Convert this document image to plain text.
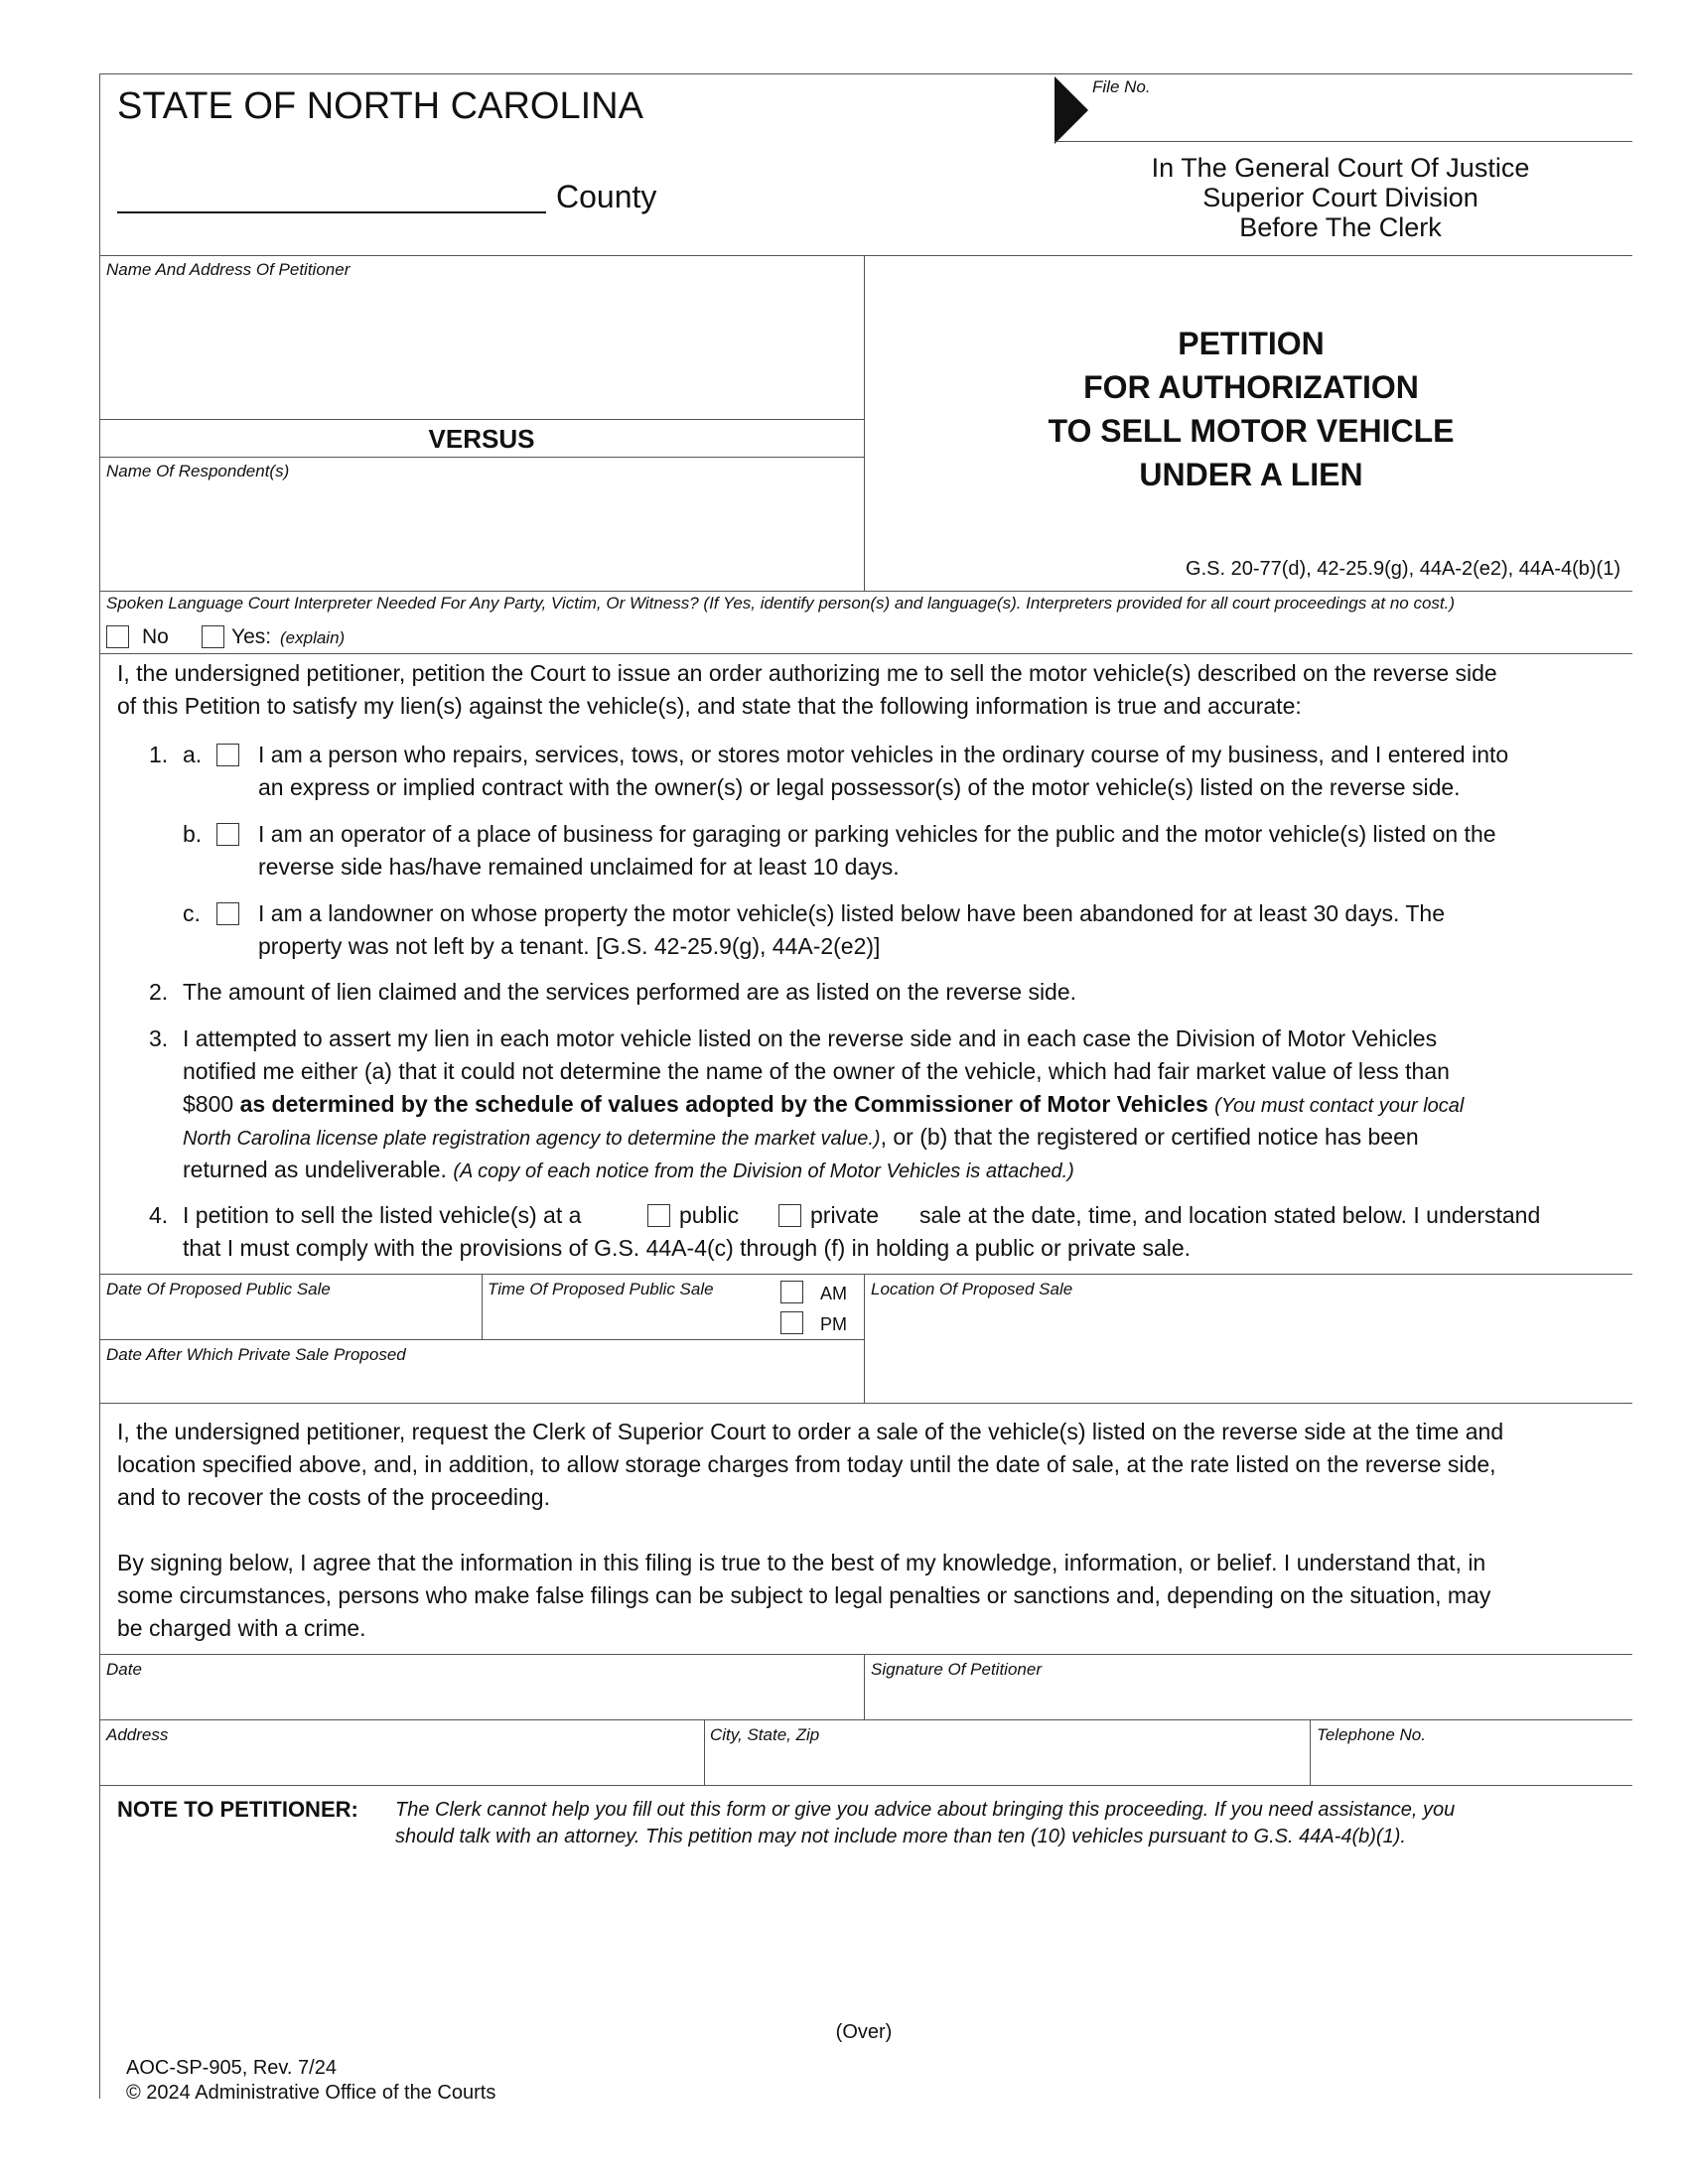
STATE OF NORTH CAROLINA
County
File No.
In The General Court Of Justice
Superior Court Division
Before The Clerk
Name And Address Of Petitioner
VERSUS
Name Of Respondent(s)
PETITION
FOR AUTHORIZATION
TO SELL MOTOR VEHICLE
UNDER A LIEN
G.S. 20-77(d), 42-25.9(g), 44A-2(e2), 44A-4(b)(1)
Spoken Language Court Interpreter Needed For Any Party, Victim, Or Witness? (If Yes, identify person(s) and language(s). Interpreters provided for all court proceedings at no cost.)
No	Yes: (explain)
I, the undersigned petitioner, petition the Court to issue an order authorizing me to sell the motor vehicle(s) described on the reverse side
of this Petition to satisfy my lien(s) against the vehicle(s), and state that the following information is true and accurate:
1. a. I am a person who repairs, services, tows, or stores motor vehicles in the ordinary course of my business, and I entered into
an express or implied contract with the owner(s) or legal possessor(s) of the motor vehicle(s) listed on the reverse side.
b. I am an operator of a place of business for garaging or parking vehicles for the public and the motor vehicle(s) listed on the
reverse side has/have remained unclaimed for at least 10 days.
c.	I am a landowner on whose property the motor vehicle(s) listed below have been abandoned for at least 30 days. The
property was not left by a tenant. [G.S. 42-25.9(g), 44A-2(e2)]
2. The amount of lien claimed and the services performed are as listed on the reverse side.
3. I attempted to assert my lien in each motor vehicle listed on the reverse side and in each case the Division of Motor Vehicles
notified me either (a) that it could not determine the name of the owner of the vehicle, which had fair market value of less than
$800 as determined by the schedule of values adopted by the Commissioner of Motor Vehicles (You must contact your local
North Carolina license plate registration agency to determine the market value.), or (b) that the registered or certified notice has been
returned as undeliverable. (A copy of each notice from the Division of Motor Vehicles is attached.)
4. I petition to sell the listed vehicle(s) at a	public	private sale at the date, time, and location stated below. I understand
that I must comply with the provisions of G.S. 44A-4(c) through (f) in holding a public or private sale.
Date Of Proposed Public Sale	Time Of Proposed Public Sale	AM
PM
Location Of Proposed Sale
Date After Which Private Sale Proposed
I, the undersigned petitioner, request the Clerk of Superior Court to order a sale of the vehicle(s) listed on the reverse side at the time and
location specified above, and, in addition, to allow storage charges from today until the date of sale, at the rate listed on the reverse side,
and to recover the costs of the proceeding.
By signing below, I agree that the information in this filing is true to the best of my knowledge, information, or belief. I understand that, in
some circumstances, persons who make false filings can be subject to legal penalties or sanctions and, depending on the situation, may
be charged with a crime.
Date	Signature Of Petitioner
Address	City, State, Zip	Telephone No.
NOTE TO PETITIONER: The Clerk cannot help you fill out this form or give you advice about bringing this proceeding. If you need assistance, you
should talk with an attorney. This petition may not include more than ten (10) vehicles pursuant to G.S. 44A-4(b)(1).
(Over)
AOC-SP-905, Rev. 7/24
© 2024 Administrative Office of the Courts
